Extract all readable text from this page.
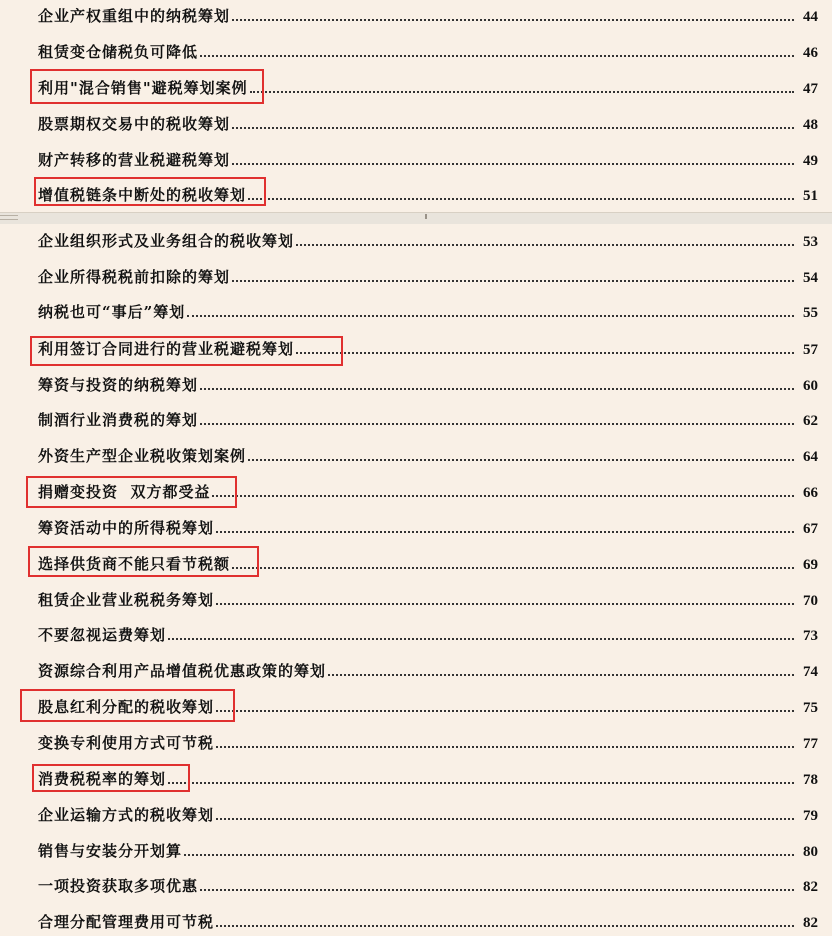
企业产权重组中的纳税筹划	44
租赁变仓储税负可降低	46
利用"混合销售"避税筹划案例	47
股票期权交易中的税收筹划	48
财产转移的营业税避税筹划	49
增值税链条中断处的税收筹划	51
企业组织形式及业务组合的税收筹划	53
企业所得税税前扣除的筹划	54
纳税也可“事后”筹划	55
利用签订合同进行的营业税避税筹划	57
筹资与投资的纳税筹划	60
制酒行业消费税的筹划	62
外资生产型企业税收策划案例	64
捐赠变投资  双方都受益	66
筹资活动中的所得税筹划	67
选择供货商不能只看节税额	69
租赁企业营业税税务筹划	70
不要忽视运费筹划	73
资源综合利用产品增值税优惠政策的筹划	74
股息红利分配的税收筹划	75
变换专利使用方式可节税	77
消费税税率的筹划	78
企业运输方式的税收筹划	79
销售与安装分开划算	80
一项投资获取多项优惠	82
合理分配管理费用可节税	82
